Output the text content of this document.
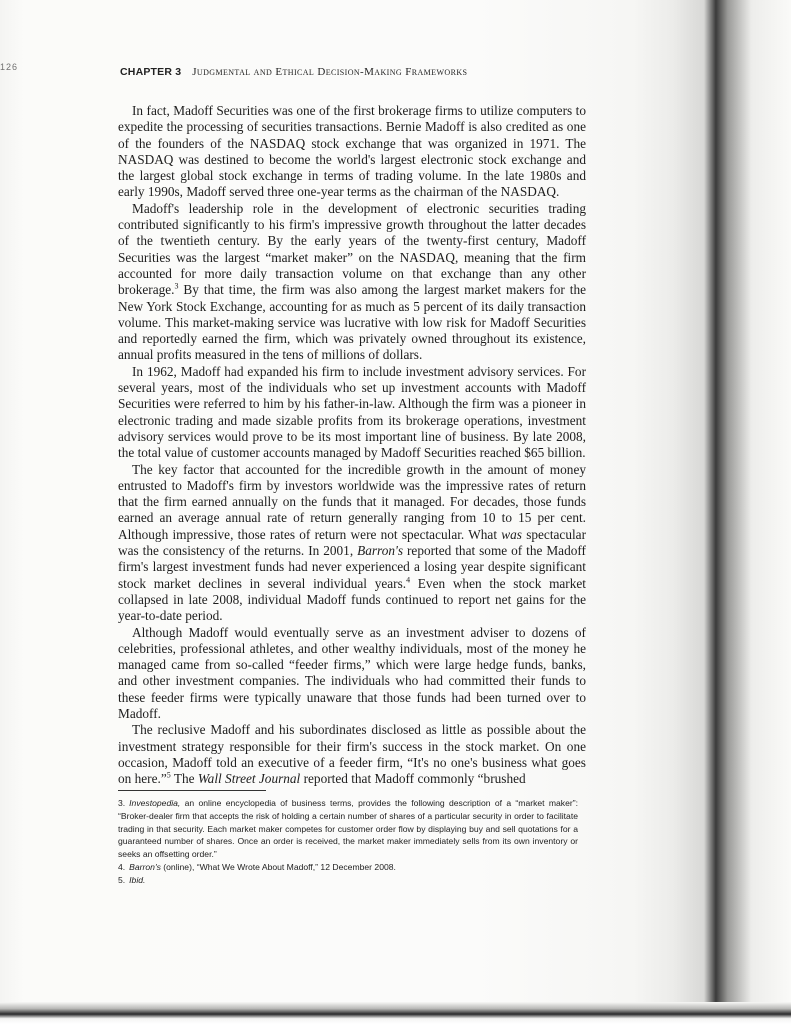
126	CHAPTER 3 Judgmental and Ethical Decision-Making Frameworks

In fact, Madoff Securities was one of the first brokerage firms to utilize computers to expedite the processing of securities transactions. Bernie Madoff is also credited as one of the founders of the NASDAQ stock exchange that was organized in 1971. The NASDAQ was destined to become the world's largest electronic stock exchange and the largest global stock exchange in terms of trading volume. In the late 1980s and early 1990s, Madoff served three one-year terms as the chairman of the NASDAQ.

Madoff's leadership role in the development of electronic securities trading contributed significantly to his firm's impressive growth throughout the latter decades of the twentieth century. By the early years of the twenty-first century, Madoff Securities was the largest “market maker” on the NASDAQ, meaning that the firm accounted for more daily transaction volume on that exchange than any other brokerage.$^3$ By that time, the firm was also among the largest market makers for the New York Stock Exchange, accounting for as much as 5 percent of its daily transaction volume. This market-making service was lucrative with low risk for Madoff Securities and reportedly earned the firm, which was privately owned throughout its existence, annual profits measured in the tens of millions of dollars.

In 1962, Madoff had expanded his firm to include investment advisory services. For several years, most of the individuals who set up investment accounts with Madoff Securities were referred to him by his father-in-law. Although the firm was a pioneer in electronic trading and made sizable profits from its brokerage operations, investment advisory services would prove to be its most important line of business. By late 2008, the total value of customer accounts managed by Madoff Securities reached $65 billion.

The key factor that accounted for the incredible growth in the amount of money entrusted to Madoff's firm by investors worldwide was the impressive rates of return that the firm earned annually on the funds that it managed. For decades, those funds earned an average annual rate of return generally ranging from 10 to 15 per cent. Although impressive, those rates of return were not spectacular. What was spectacular was the consistency of the returns. In 2001, Barron's reported that some of the Madoff firm's largest investment funds had never experienced a losing year despite significant stock market declines in several individual years.$^4$ Even when the stock market collapsed in late 2008, individual Madoff funds continued to report net gains for the year-to-date period.

Although Madoff would eventually serve as an investment adviser to dozens of celebrities, professional athletes, and other wealthy individuals, most of the money he managed came from so-called “feeder firms,” which were large hedge funds, banks, and other investment companies. The individuals who had committed their funds to these feeder firms were typically unaware that those funds had been turned over to Madoff.

The reclusive Madoff and his subordinates disclosed as little as possible about the investment strategy responsible for their firm's success in the stock market. On one occasion, Madoff told an executive of a feeder firm, “It's no one's business what goes on here.”$^5$ The Wall Street Journal reported that Madoff commonly “brushed

3. Investopedia, an online encyclopedia of business terms, provides the following description of a “market maker”: “Broker-dealer firm that accepts the risk of holding a certain number of shares of a particular security in order to facilitate trading in that security. Each market maker competes for customer order flow by displaying buy and sell quotations for a guaranteed number of shares. Once an order is received, the market maker immediately sells from its own inventory or seeks an offsetting order.”

4. Barron's (online), “What We Wrote About Madoff,” 12 December 2008.

5. Ibid.
